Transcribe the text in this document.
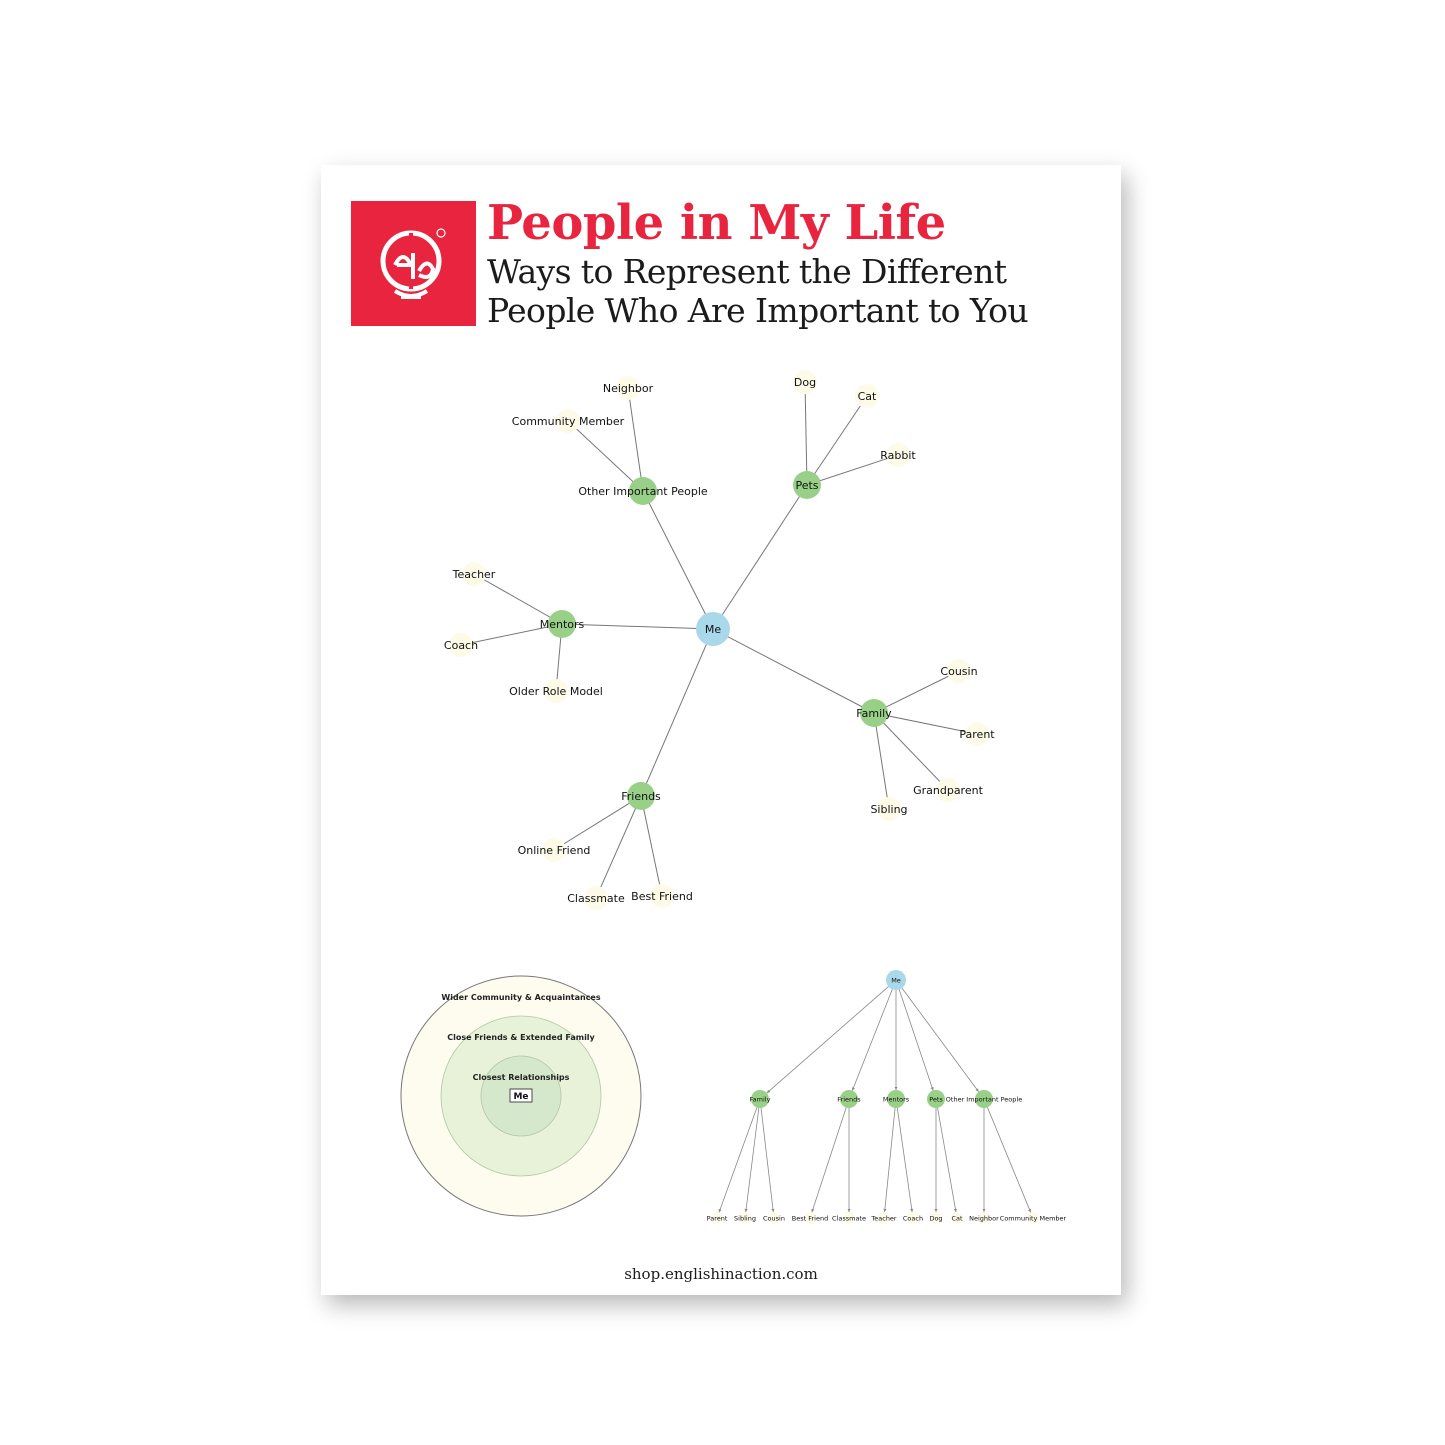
People in My Life
Ways to Represent the Different
People Who Are Important to You
Neighbor
Community Member
Other Important People
Dog
Cat
Rabbit
Pets
Teacher
Coach
Older Role Model
Mentors
Cousin
Parent
Grandparent
Sibling
Family
Online Friend
Classmate Best Friend
Friends
Me
Wider Community & Acquaintances
Close Friends & Extended Family
Closest Relationships
Me
Parent Sibling Cousin
Family
Best Friend Classmate
Friends
Teacher Coach
Mentors
Dog Cat
Pets
Neighbor Community Member
Other Important People
Me
shop.englishinaction.com
